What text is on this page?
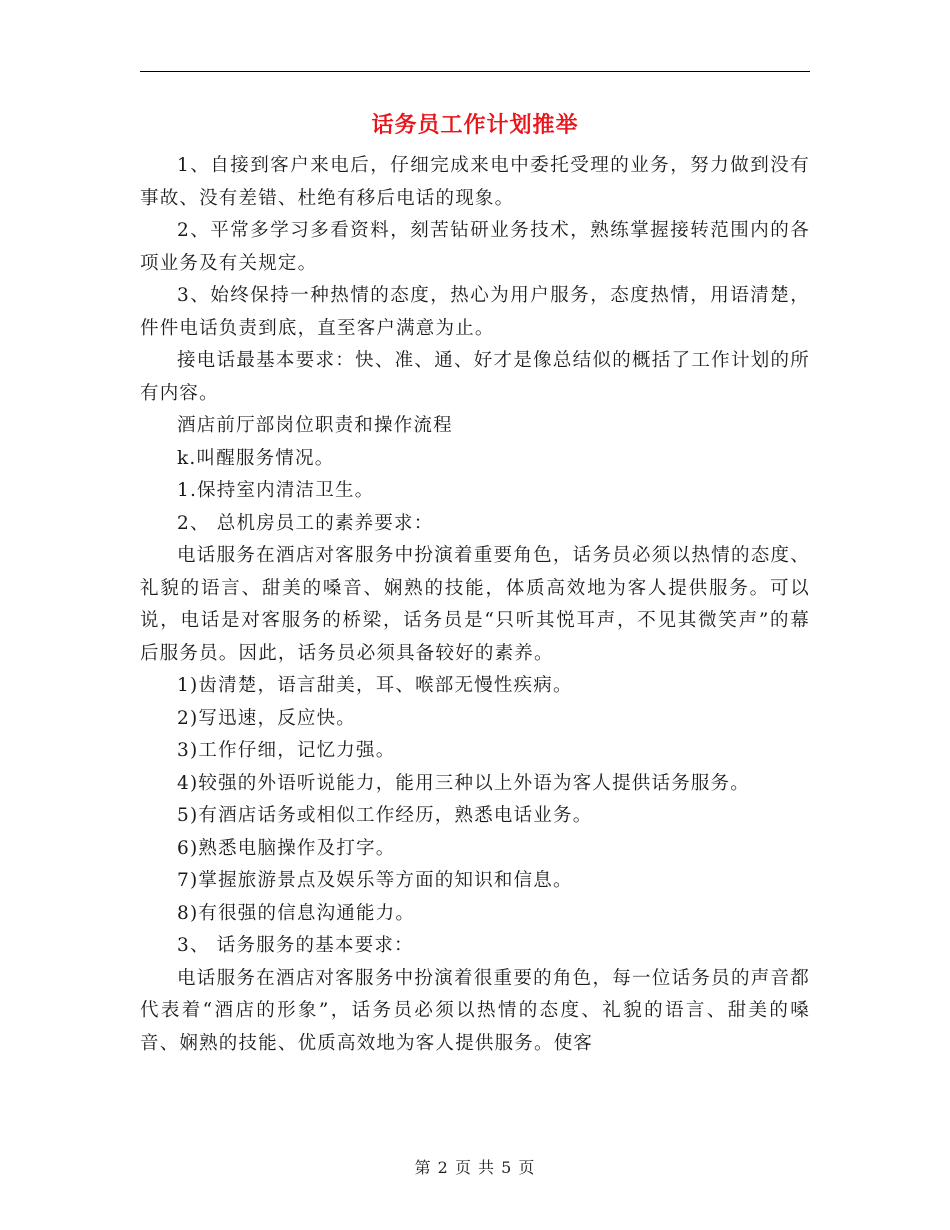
话务员工作计划推举

1、自接到客户来电后，仔细完成来电中委托受理的业务，努力做到没有事故、没有差错、杜绝有移后电话的现象。

2、平常多学习多看资料，刻苦钻研业务技术，熟练掌握接转范围内的各项业务及有关规定。

3、始终保持一种热情的态度，热心为用户服务，态度热情，用语清楚，件件电话负责到底，直至客户满意为止。

接电话最基本要求：快、准、通、好才是像总结似的概括了工作计划的所有内容。

酒店前厅部岗位职责和操作流程

k.叫醒服务情况。

1.保持室内清洁卫生。

2、 总机房员工的素养要求：

电话服务在酒店对客服务中扮演着重要角色，话务员必须以热情的态度、礼貌的语言、甜美的嗓音、娴熟的技能，体质高效地为客人提供服务。可以说，电话是对客服务的桥梁，话务员是“只听其悦耳声，不见其微笑声”的幕后服务员。因此，话务员必须具备较好的素养。

1)齿清楚，语言甜美，耳、喉部无慢性疾病。

2)写迅速，反应快。

3)工作仔细，记忆力强。

4)较强的外语听说能力，能用三种以上外语为客人提供话务服务。

5)有酒店话务或相似工作经历，熟悉电话业务。

6)熟悉电脑操作及打字。

7)掌握旅游景点及娱乐等方面的知识和信息。

8)有很强的信息沟通能力。

3、 话务服务的基本要求：

电话服务在酒店对客服务中扮演着很重要的角色，每一位话务员的声音都代表着“酒店的形象”，话务员必须以热情的态度、礼貌的语言、甜美的嗓音、娴熟的技能、优质高效地为客人提供服务。使客

第 2 页 共 5 页
